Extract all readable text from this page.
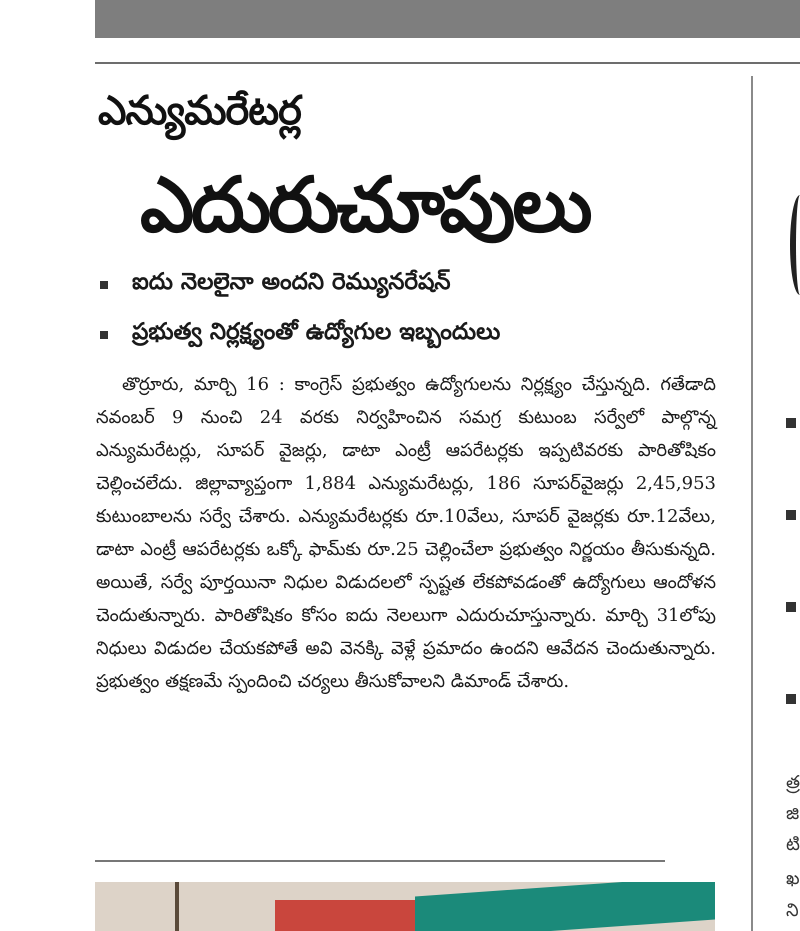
ఎన్యుమరేటర్ల
ఎదురుచూపులు
ఐదు నెలలైనా అందని రెమ్యునరేషన్
ప్రభుత్వ నిర్లక్ష్యంతో ఉద్యోగుల ఇబ్బందులు

తొర్రూరు, మార్చి 16 : కాంగ్రెస్ ప్రభుత్వం ఉద్యోగులను నిర్లక్ష్యం చేస్తున్నది. గతేడాది నవంబర్ 9 నుంచి 24 వరకు నిర్వహించిన సమగ్ర కుటుంబ సర్వేలో పాల్గొన్న ఎన్యుమరేటర్లు, సూపర్ వైజర్లు, డాటా ఎంట్రీ ఆపరేటర్లకు ఇప్పటివరకు పారితోషికం చెల్లించలేదు. జిల్లావ్యాప్తంగా 1,884 ఎన్యుమరేటర్లు, 186 సూపర్‌వైజర్లు 2,45,953 కుటుంబాలను సర్వే చేశారు. ఎన్యుమరేటర్లకు రూ.10వేలు, సూపర్ వైజర్లకు రూ.12వేలు, డాటా ఎంట్రీ ఆపరేటర్లకు ఒక్కో ఫామ్‌కు రూ.25 చెల్లించేలా ప్రభుత్వం నిర్ణయం తీసుకున్నది. అయితే, సర్వే పూర్తయినా నిధుల విడుదలలో స్పష్టత లేకపోవడంతో ఉద్యోగులు ఆందోళన చెందుతున్నారు. పారితోషికం కోసం ఐదు నెలలుగా ఎదురుచూస్తున్నారు. మార్చి 31లోపు నిధులు విడుదల చేయకపోతే అవి వెనక్కి వెళ్లే ప్రమాదం ఉందని ఆవేదన చెందుతున్నారు. ప్రభుత్వం తక్షణమే స్పందించి చర్యలు తీసుకోవాలని డిమాండ్ చేశారు.

త్ర
జి
టి
ఖ
ని
